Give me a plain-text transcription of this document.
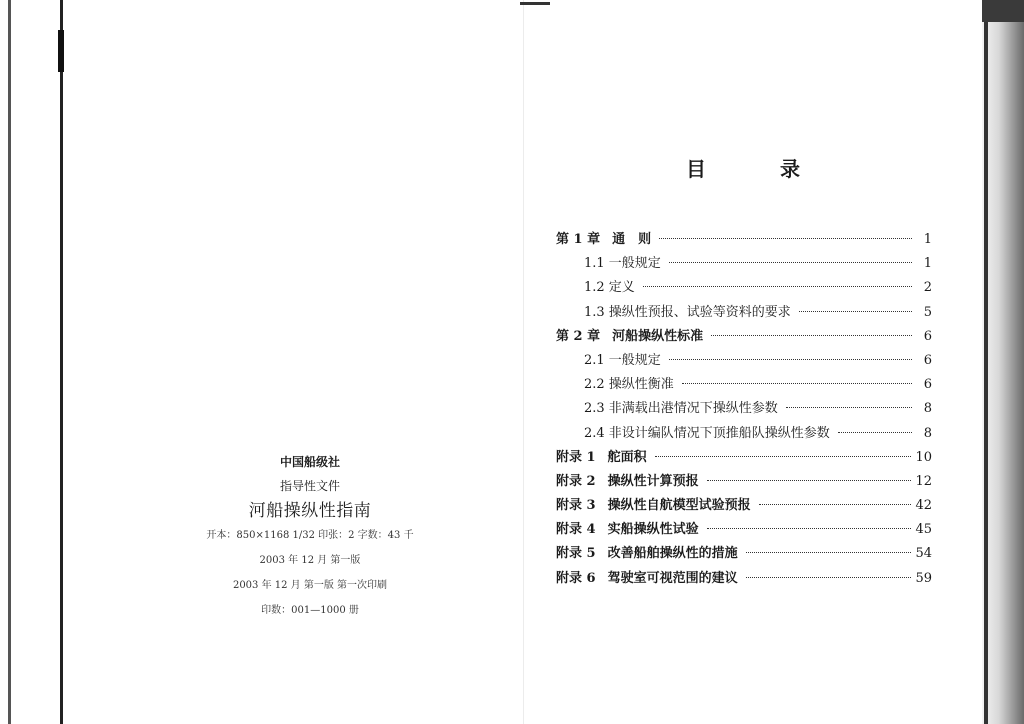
中国船级社
指导性文件
河船操纵性指南
开本：850×1168 1/32 印张：2 字数：43 千
2003 年 12 月 第一版
2003 年 12 月 第一版 第一次印刷
印数：001—1000 册
目	录
第 1 章 通　则	1
1.1 一般规定	1
1.2 定义	2
1.3 操纵性预报、试验等资料的要求	5
第 2 章 河船操纵性标准	6
2.1 一般规定	6
2.2 操纵性衡准	6
2.3 非满载出港情况下操纵性参数	8
2.4 非设计编队情况下顶推船队操纵性参数	8
附录 1 舵面积	10
附录 2 操纵性计算预报	12
附录 3 操纵性自航模型试验预报	42
附录 4 实船操纵性试验	45
附录 5 改善船舶操纵性的措施	54
附录 6 驾驶室可视范围的建议	59
